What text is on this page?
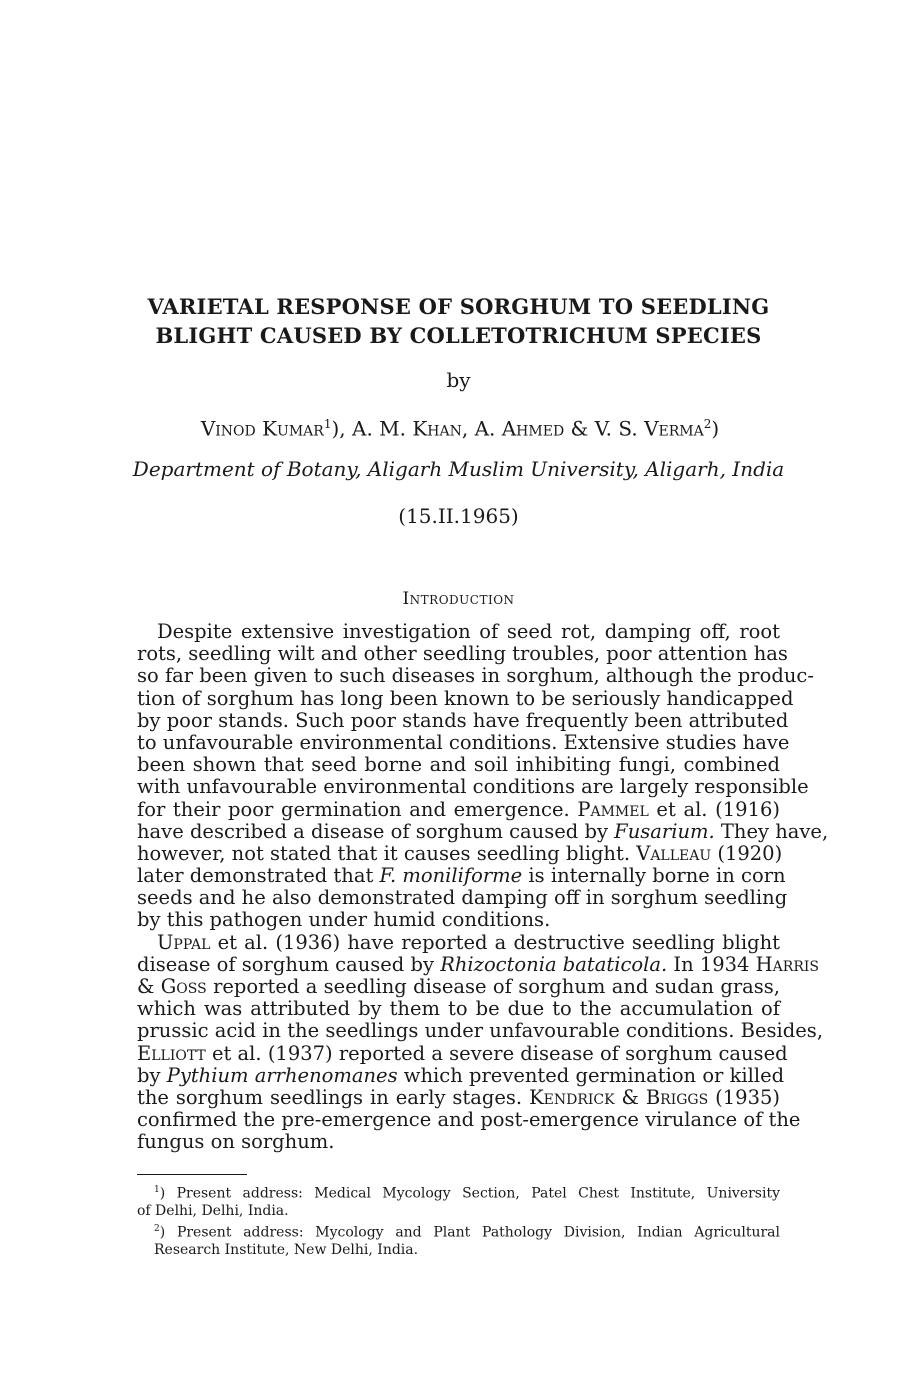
VARIETAL RESPONSE OF SORGHUM TO SEEDLING
BLIGHT CAUSED BY COLLETOTRICHUM SPECIES
by
Vinod Kumar$^1$), A. M. Khan, A. Ahmed & V. S. Verma$^2$)
Department of Botany, Aligarh Muslim University, Aligarh, India
(15.II.1965)
Introduction
Despite extensive investigation of seed rot, damping off, root
rots, seedling wilt and other seedling troubles, poor attention has
so far been given to such diseases in sorghum, although the produc-
tion of sorghum has long been known to be seriously handicapped
by poor stands. Such poor stands have frequently been attributed
to unfavourable environmental conditions. Extensive studies have
been shown that seed borne and soil inhibiting fungi, combined
with unfavourable environmental conditions are largely responsible
for their poor germination and emergence. Pammel et al. (1916)
have described a disease of sorghum caused by Fusarium. They have,
however, not stated that it causes seedling blight. Valleau (1920)
later demonstrated that F. moniliforme is internally borne in corn
seeds and he also demonstrated damping off in sorghum seedling
by this pathogen under humid conditions.
Uppal et al. (1936) have reported a destructive seedling blight
disease of sorghum caused by Rhizoctonia bataticola. In 1934 Harris
& Goss reported a seedling disease of sorghum and sudan grass,
which was attributed by them to be due to the accumulation of
prussic acid in the seedlings under unfavourable conditions. Besides,
Elliott et al. (1937) reported a severe disease of sorghum caused
by Pythium arrhenomanes which prevented germination or killed
the sorghum seedlings in early stages. Kendrick & Briggs (1935)
confirmed the pre-emergence and post-emergence virulance of the
fungus on sorghum.
$^1$) Present address: Medical Mycology Section, Patel Chest Institute, University
of Delhi, Delhi, India.
$^2$) Present address: Mycology and Plant Pathology Division, Indian Agricultural
Research Institute, New Delhi, India.
